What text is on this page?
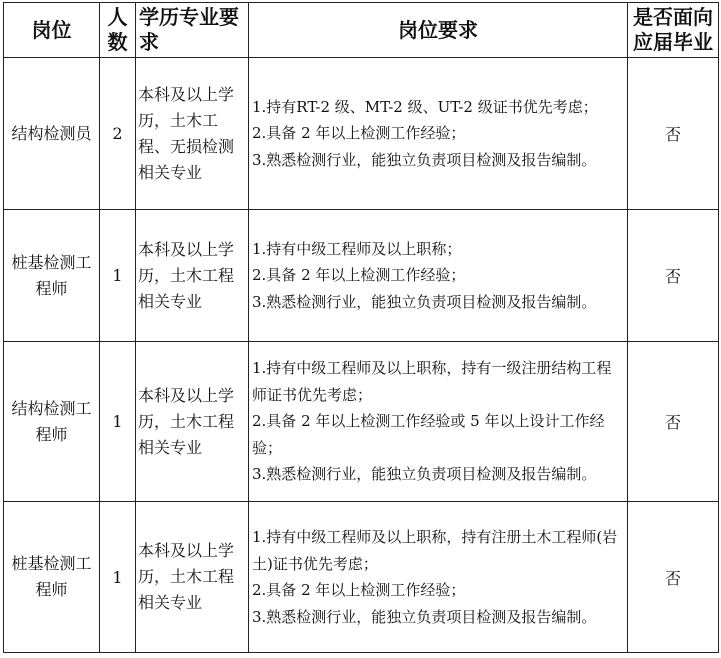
岗位	人数	学历专业要求	岗位要求	是否面向应届毕业
结构检测员	2	本科及以上学历，土木工程、无损检测相关专业	1.持有RT-2 级、MT-2 级、UT-2 级证书优先考虑；
2.具备 2 年以上检测工作经验；
3.熟悉检测行业，能独立负责项目检测及报告编制。	否
桩基检测工程师	1	本科及以上学历，土木工程相关专业	1.持有中级工程师及以上职称；
2.具备 2 年以上检测工作经验；
3.熟悉检测行业，能独立负责项目检测及报告编制。	否
结构检测工程师	1	本科及以上学历，土木工程相关专业	1.持有中级工程师及以上职称，持有一级注册结构工程师证书优先考虑；
2.具备 2 年以上检测工作经验或 5 年以上设计工作经验；
3.熟悉检测行业，能独立负责项目检测及报告编制。	否
桩基检测工程师	1	本科及以上学历，土木工程相关专业	1.持有中级工程师及以上职称，持有注册土木工程师(岩土)证书优先考虑；
2.具备 2 年以上检测工作经验；
3.熟悉检测行业，能独立负责项目检测及报告编制。	否
